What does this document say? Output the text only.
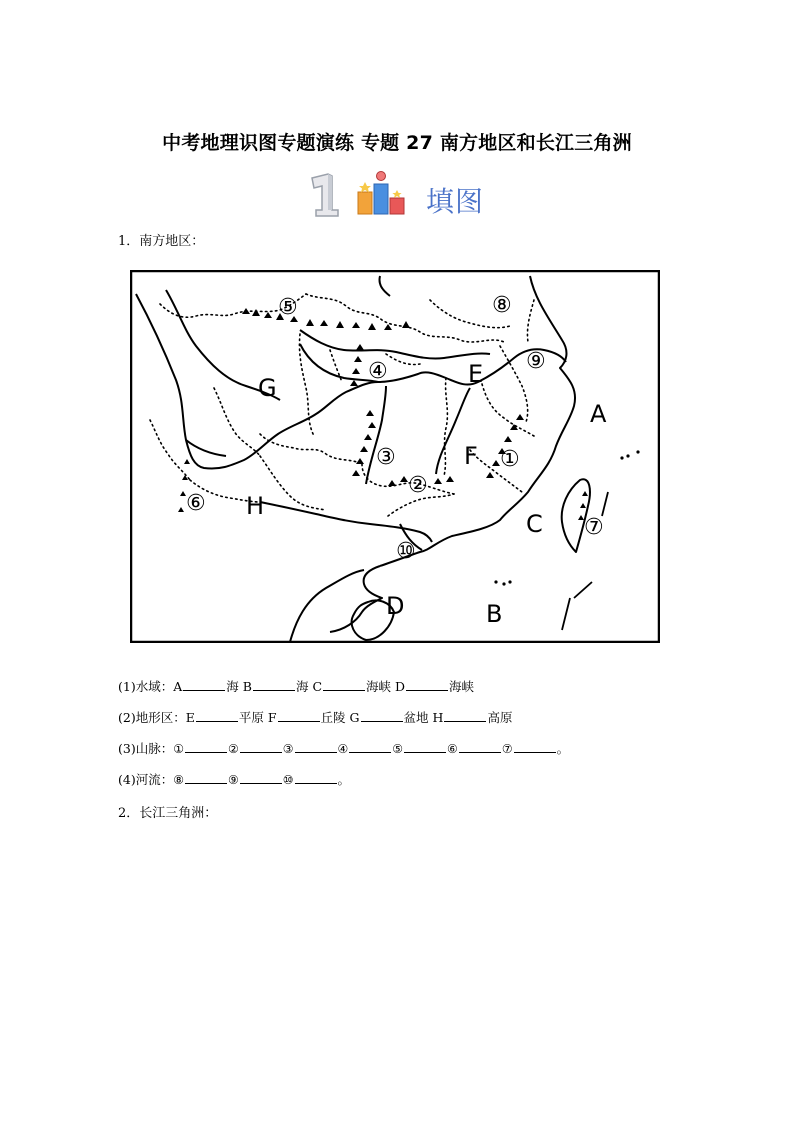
中考地理识图专题演练 专题 27 南方地区和长江三角洲
填图
1．南方地区：
A
B
C
D
E
F
G
H
⑤	⑧
⑨
④
③
②
①
⑥
⑦
⑩
(1)水域：A	海 B	海 C	海峡 D	海峡
(2)地形区：E	平原 F	丘陵 G	盆地 H	高原
(3)山脉：①	②	③	④	⑤	⑥	⑦	。
(4)河流：⑧	⑨	⑩	。
2．长江三角洲：
